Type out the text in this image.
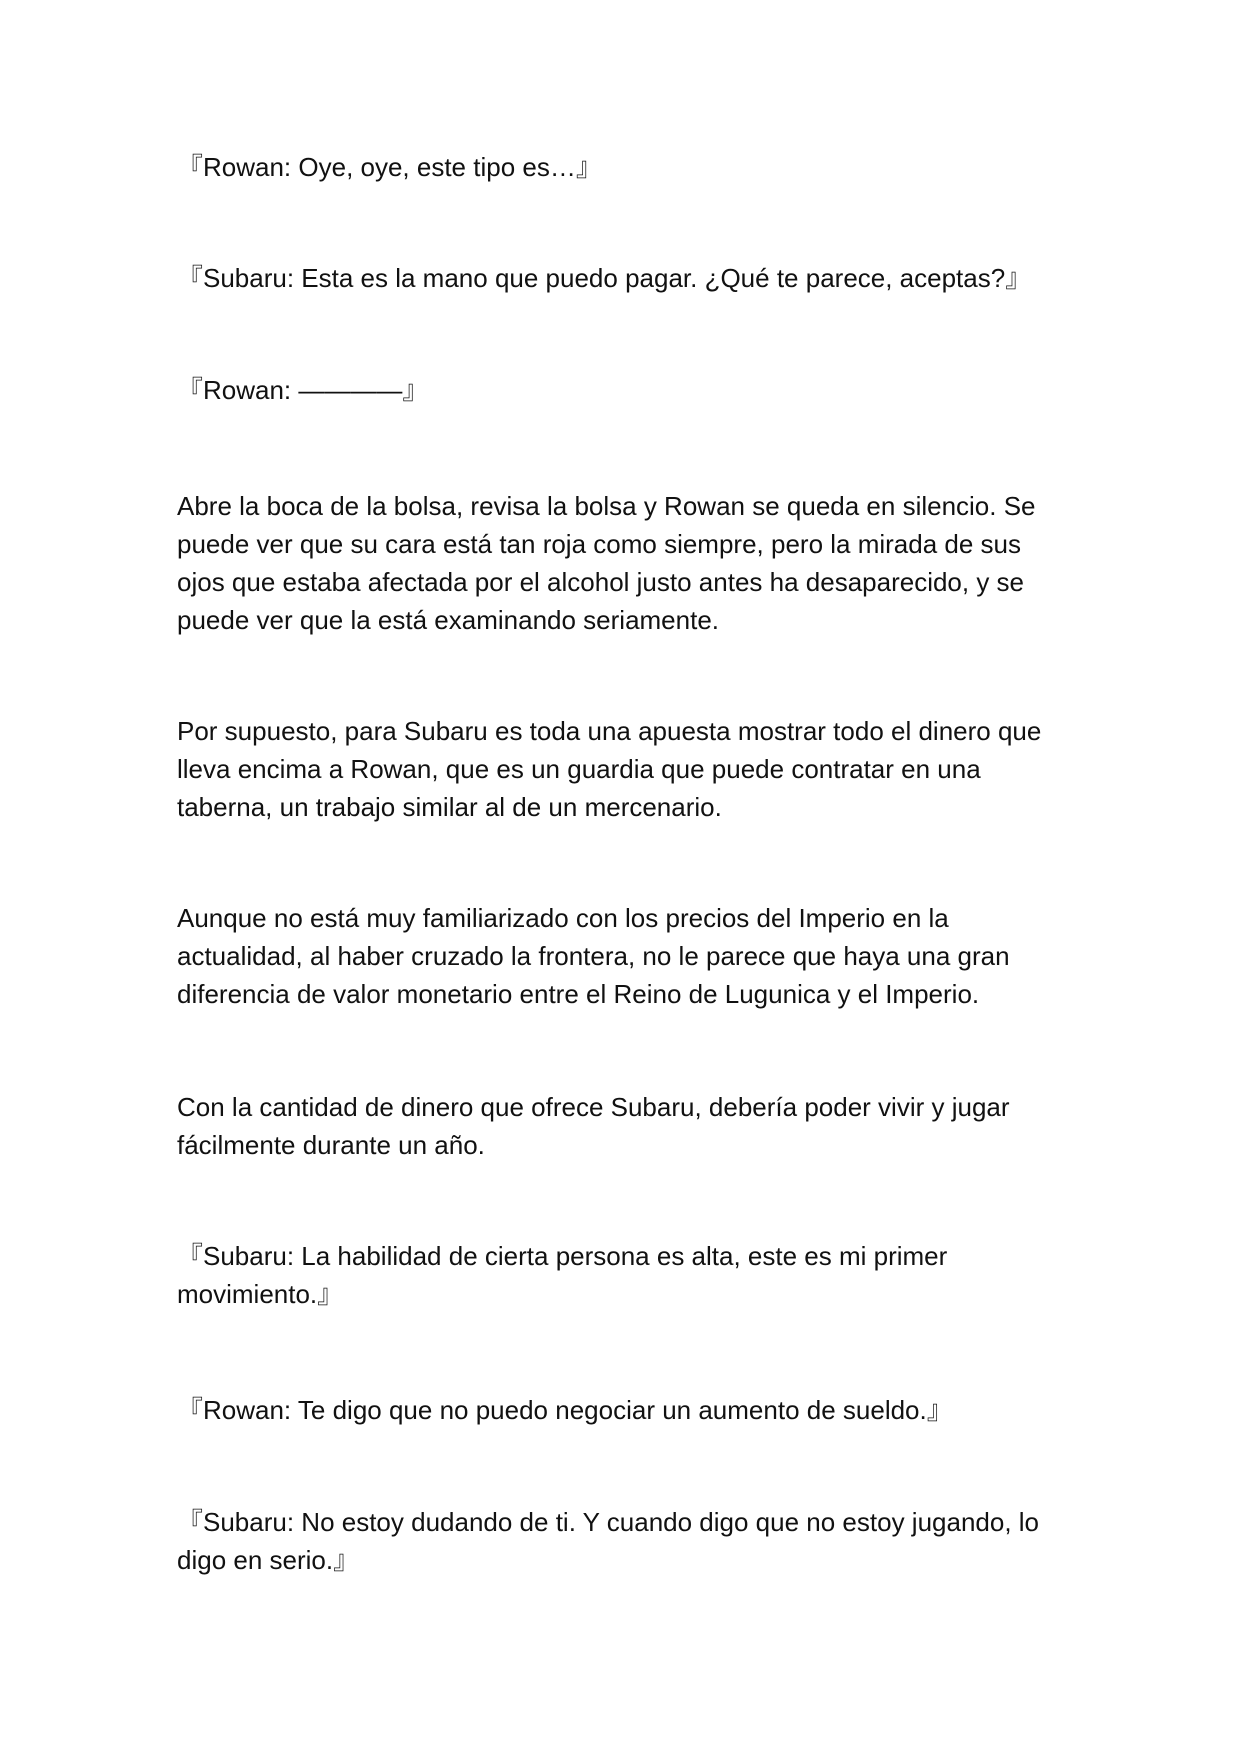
『Rowan: Oye, oye, este tipo es…』

『Subaru: Esta es la mano que puedo pagar. ¿Qué te parece, aceptas?』

『Rowan: ————』

Abre la boca de la bolsa, revisa la bolsa y Rowan se queda en silencio. Se
puede ver que su cara está tan roja como siempre, pero la mirada de sus
ojos que estaba afectada por el alcohol justo antes ha desaparecido, y se
puede ver que la está examinando seriamente.

Por supuesto, para Subaru es toda una apuesta mostrar todo el dinero que
lleva encima a Rowan, que es un guardia que puede contratar en una
taberna, un trabajo similar al de un mercenario.

Aunque no está muy familiarizado con los precios del Imperio en la
actualidad, al haber cruzado la frontera, no le parece que haya una gran
diferencia de valor monetario entre el Reino de Lugunica y el Imperio.

Con la cantidad de dinero que ofrece Subaru, debería poder vivir y jugar
fácilmente durante un año.

『Subaru: La habilidad de cierta persona es alta, este es mi primer
movimiento.』

『Rowan: Te digo que no puedo negociar un aumento de sueldo.』

『Subaru: No estoy dudando de ti. Y cuando digo que no estoy jugando, lo
digo en serio.』
